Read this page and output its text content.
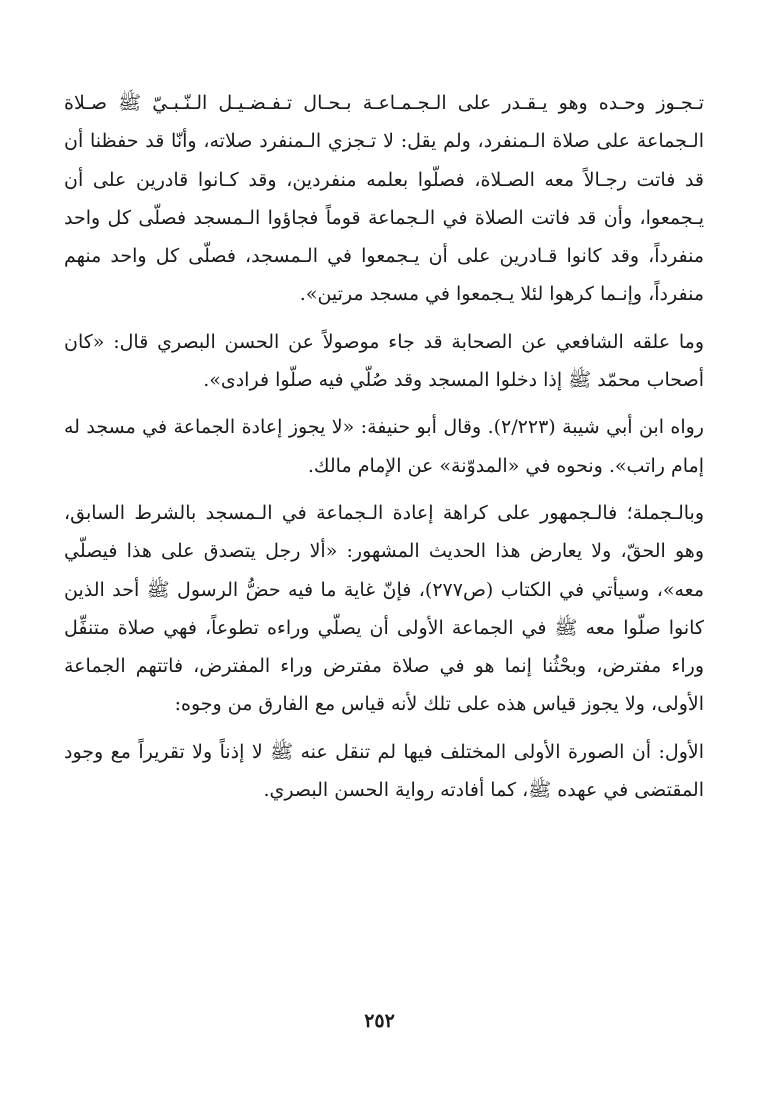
تـجـوز وحـده وهو يـقـدر على الـجـمـاعـة بـحـال تـفـضـيـل الـنّـبـيّ ﷺ صـلاة الـجماعة على صلاة الـمنفرد، ولم يقل: لا تـجزي الـمنفرد صلاته، وأنّا قد حفظنا أن قد فاتت رجـالاً معه الصـلاة، فصلّوا بعلمه منفردين، وقد كـانوا قادرين على أن يـجمعوا، وأن قد فاتت الصلاة في الـجماعة قوماً فجاؤوا الـمسجد فصلّى كل واحد منفرداً، وقد كانوا قـادرين على أن يـجمعوا في الـمسجد، فصلّى كل واحد منهم منفرداً، وإنـما كرهوا لئلا يـجمعوا في مسجد مرتين».

وما علقه الشافعي عن الصحابة قد جاء موصولاً عن الحسن البصري قال: «كان أصحاب محمّد ﷺ إذا دخلوا المسجد وقد صُلّي فيه صلّوا فرادى».

رواه ابن أبي شيبة (٢/٢٢٣). وقال أبو حنيفة: «لا يجوز إعادة الجماعة في مسجد له إمام راتب». ونحوه في «المدوّنة» عن الإمام مالك.

وبالـجملة؛ فالـجمهور على كراهة إعادة الـجماعة في الـمسجد بالشرط السابق، وهو الحقّ، ولا يعارض هذا الحديث المشهور: «ألا رجل يتصدق على هذا فيصلّي معه»، وسيأتي في الكتاب (ص٢٧٧)، فإنّ غاية ما فيه حضُّ الرسول ﷺ أحد الذين كانوا صلّوا معه ﷺ في الجماعة الأولى أن يصلّي وراءه تطوعاً، فهي صلاة متنفِّل وراء مفترض، وبحْثُنا إنما هو في صلاة مفترض وراء المفترض، فاتتهم الجماعة الأولى، ولا يجوز قياس هذه على تلك لأنه قياس مع الفارق من وجوه:

الأول: أن الصورة الأولى المختلف فيها لم تنقل عنه ﷺ لا إذناً ولا تقريراً مع وجود المقتضى في عهده ﷺ، كما أفادته رواية الحسن البصري.

٢٥٢
